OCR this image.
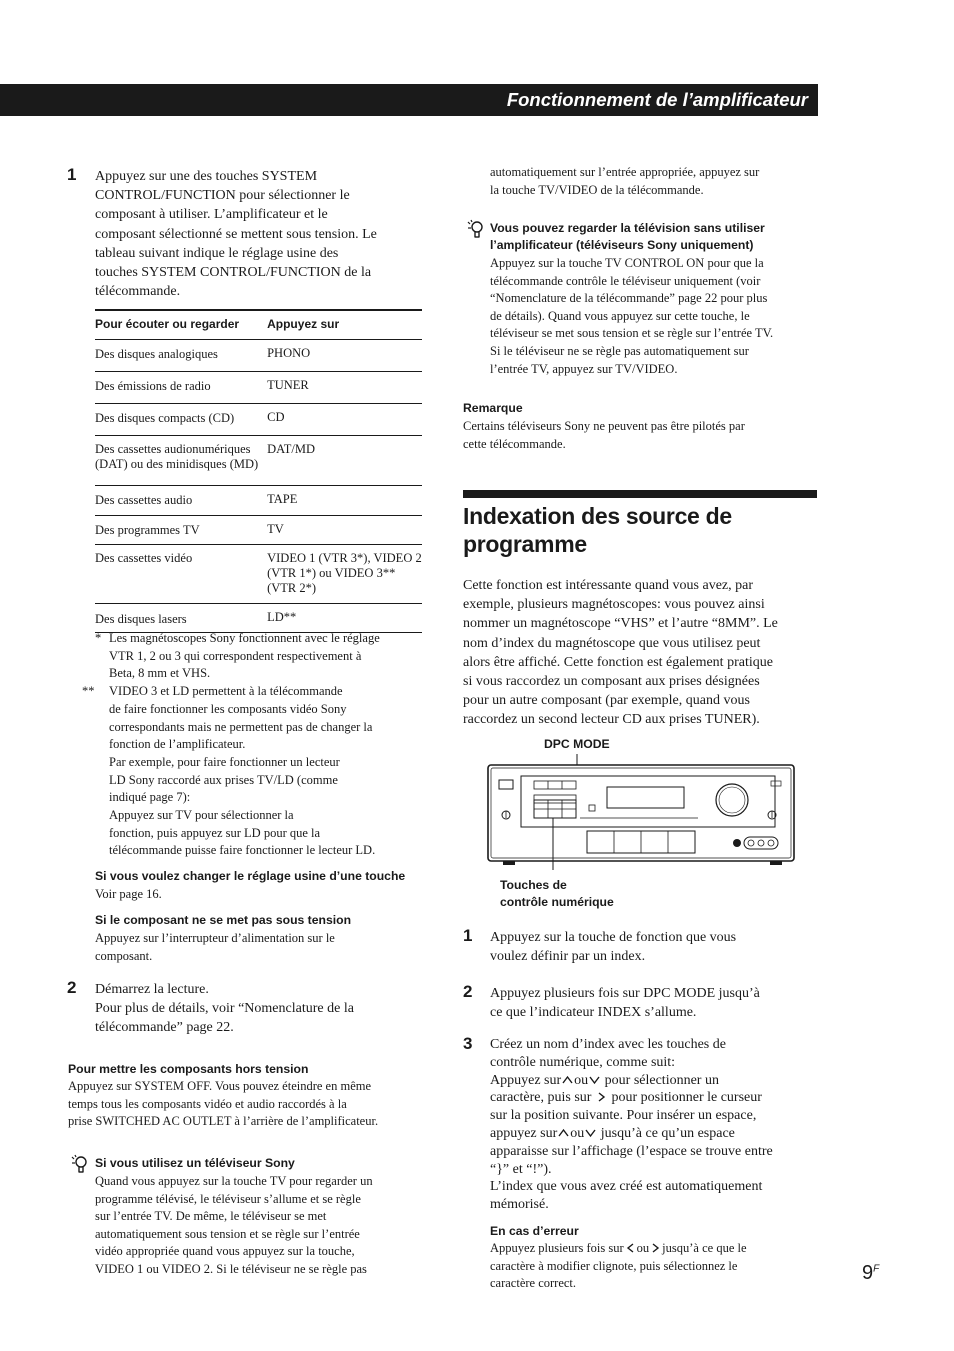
Fonctionnement de l’amplificateur
1 Appuyez sur une des touches SYSTEM
CONTROL/FUNCTION pour sélectionner le
composant à utiliser. L’amplificateur et le
composant sélectionné se mettent sous tension. Le
tableau suivant indique le réglage usine des
touches SYSTEM CONTROL/FUNCTION de la
télécommande.
Pour écouter ou regarder	Appuyez sur
Des disques analogiques	PHONO
Des émissions de radio	TUNER
Des disques compacts (CD)	CD
Des cassettes audionumériques (DAT) ou des minidisques (MD)	DAT/MD
Des cassettes audio	TAPE
Des programmes TV	TV
Des cassettes vidéo	VIDEO 1 (VTR 3*), VIDEO 2 (VTR 1*) ou VIDEO 3** (VTR 2*)
Des disques lasers	LD**
* Les magnétoscopes Sony fonctionnent avec le réglage
VTR 1, 2 ou 3 qui correspondent respectivement à
Beta, 8 mm et VHS.
** VIDEO 3 et LD permettent à la télécommande
de faire fonctionner les composants vidéo Sony
correspondants mais ne permettent pas de changer la
fonction de l’amplificateur.
Par exemple, pour faire fonctionner un lecteur
LD Sony raccordé aux prises TV/LD (comme
indiqué page 7):
Appuyez sur TV pour sélectionner la
fonction, puis appuyez sur LD pour que la
télécommande puisse faire fonctionner le lecteur LD.
Si vous voulez changer le réglage usine d’une touche
Voir page 16.
Si le composant ne se met pas sous tension
Appuyez sur l’interrupteur d’alimentation sur le
composant.
2 Démarrez la lecture.
Pour plus de détails, voir “Nomenclature de la
télécommande” page 22.
Pour mettre les composants hors tension
Appuyez sur SYSTEM OFF. Vous pouvez éteindre en même
temps tous les composants vidéo et audio raccordés à la
prise SWITCHED AC OUTLET à l’arrière de l’amplificateur.
Si vous utilisez un téléviseur Sony
Quand vous appuyez sur la touche TV pour regarder un
programme télévisé, le téléviseur s’allume et se règle
sur l’entrée TV. De même, le téléviseur se met
automatiquement sous tension et se règle sur l’entrée
vidéo appropriée quand vous appuyez sur la touche,
VIDEO 1 ou VIDEO 2. Si le téléviseur ne se règle pas
automatiquement sur l’entrée appropriée, appuyez sur
la touche TV/VIDEO de la télécommande.
Vous pouvez regarder la télévision sans utiliser
l’amplificateur (téléviseurs Sony uniquement)
Appuyez sur la touche TV CONTROL ON pour que la
télécommande contrôle le téléviseur uniquement (voir
“Nomenclature de la télécommande” page 22 pour plus
de détails). Quand vous appuyez sur cette touche, le
téléviseur se met sous tension et se règle sur l’entrée TV.
Si le téléviseur ne se règle pas automatiquement sur
l’entrée TV, appuyez sur TV/VIDEO.
Remarque
Certains téléviseurs Sony ne peuvent pas être pilotés par
cette télécommande.
Indexation des source de programme
Cette fonction est intéressante quand vous avez, par
exemple, plusieurs magnétoscopes: vous pouvez ainsi
nommer un magnétoscope “VHS” et l’autre “8MM”. Le
nom d’index du magnétoscope que vous utilisez peut
alors être affiché. Cette fonction est également pratique
si vous raccordez un composant aux prises désignées
pour un autre composant (par exemple, quand vous
raccordez un second lecteur CD aux prises TUNER).
DPC MODE
Touches de
contrôle numérique
1 Appuyez sur la touche de fonction que vous
voulez définir par un index.
2 Appuyez plusieurs fois sur DPC MODE jusqu’à
ce que l’indicateur INDEX s’allume.
3 Créez un nom d’index avec les touches de
contrôle numérique, comme suit:
Appuyez sur ou pour sélectionner un
caractère, puis sur pour positionner le curseur
sur la position suivante. Pour insérer un espace,
appuyez sur ou jusqu’à ce qu’un espace
apparaisse sur l’affichage (l’espace se trouve entre
“}” et “!”).
L’index que vous avez créé est automatiquement
mémorisé.
En cas d’erreur
Appuyez plusieurs fois sur ou jusqu’à ce que le
caractère à modifier clignote, puis sélectionnez le
caractère correct.	$9^F$
